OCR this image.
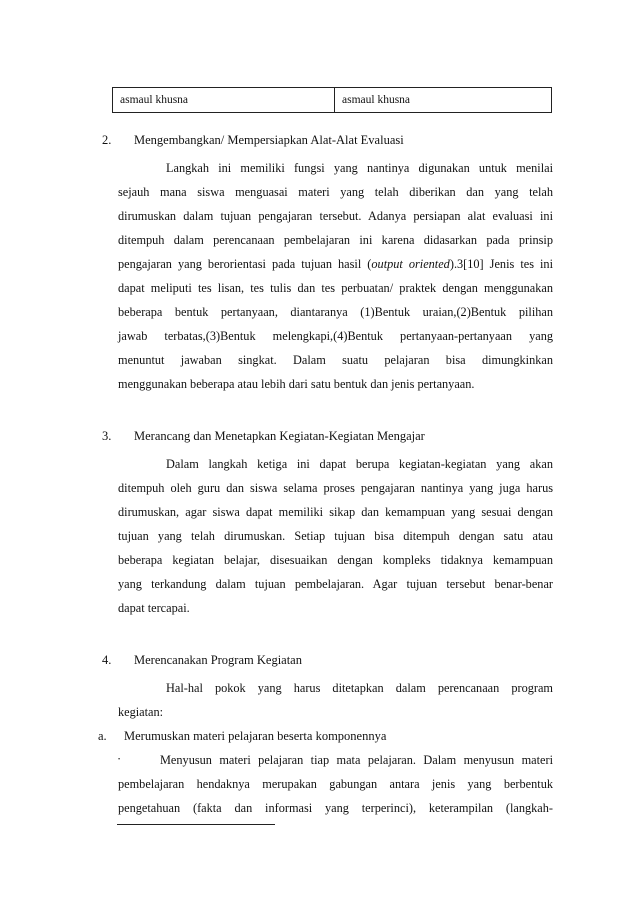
asmaul khusna	asmaul khusna
2. Mengembangkan/ Mempersiapkan Alat-Alat Evaluasi
Langkah ini memiliki fungsi yang nantinya digunakan untuk menilai
sejauh mana siswa menguasai materi yang telah diberikan dan yang telah
dirumuskan dalam tujuan pengajaran tersebut. Adanya persiapan alat evaluasi ini
ditempuh dalam perencanaan pembelajaran ini karena didasarkan pada prinsip
pengajaran yang berorientasi pada tujuan hasil (output oriented).3[10] Jenis tes ini
dapat meliputi tes lisan, tes tulis dan tes perbuatan/ praktek dengan menggunakan
beberapa bentuk pertanyaan, diantaranya (1)Bentuk uraian,(2)Bentuk pilihan
jawab terbatas,(3)Bentuk melengkapi,(4)Bentuk pertanyaan-pertanyaan yang
menuntut jawaban singkat. Dalam suatu pelajaran bisa dimungkinkan
menggunakan beberapa atau lebih dari satu bentuk dan jenis pertanyaan.
3. Merancang dan Menetapkan Kegiatan-Kegiatan Mengajar
Dalam langkah ketiga ini dapat berupa kegiatan-kegiatan yang akan
ditempuh oleh guru dan siswa selama proses pengajaran nantinya yang juga harus
dirumuskan, agar siswa dapat memiliki sikap dan kemampuan yang sesuai dengan
tujuan yang telah dirumuskan. Setiap tujuan bisa ditempuh dengan satu atau
beberapa kegiatan belajar, disesuaikan dengan kompleks tidaknya kemampuan
yang terkandung dalam tujuan pembelajaran. Agar tujuan tersebut benar-benar
dapat tercapai.
4. Merencanakan Program Kegiatan
Hal-hal pokok yang harus ditetapkan dalam perencanaan program
kegiatan:
a. Merumuskan materi pelajaran beserta komponennya
·	Menyusun materi pelajaran tiap mata pelajaran. Dalam menyusun materi
pembelajaran hendaknya merupakan gabungan antara jenis yang berbentuk
pengetahuan (fakta dan informasi yang terperinci), keterampilan (langkah-
